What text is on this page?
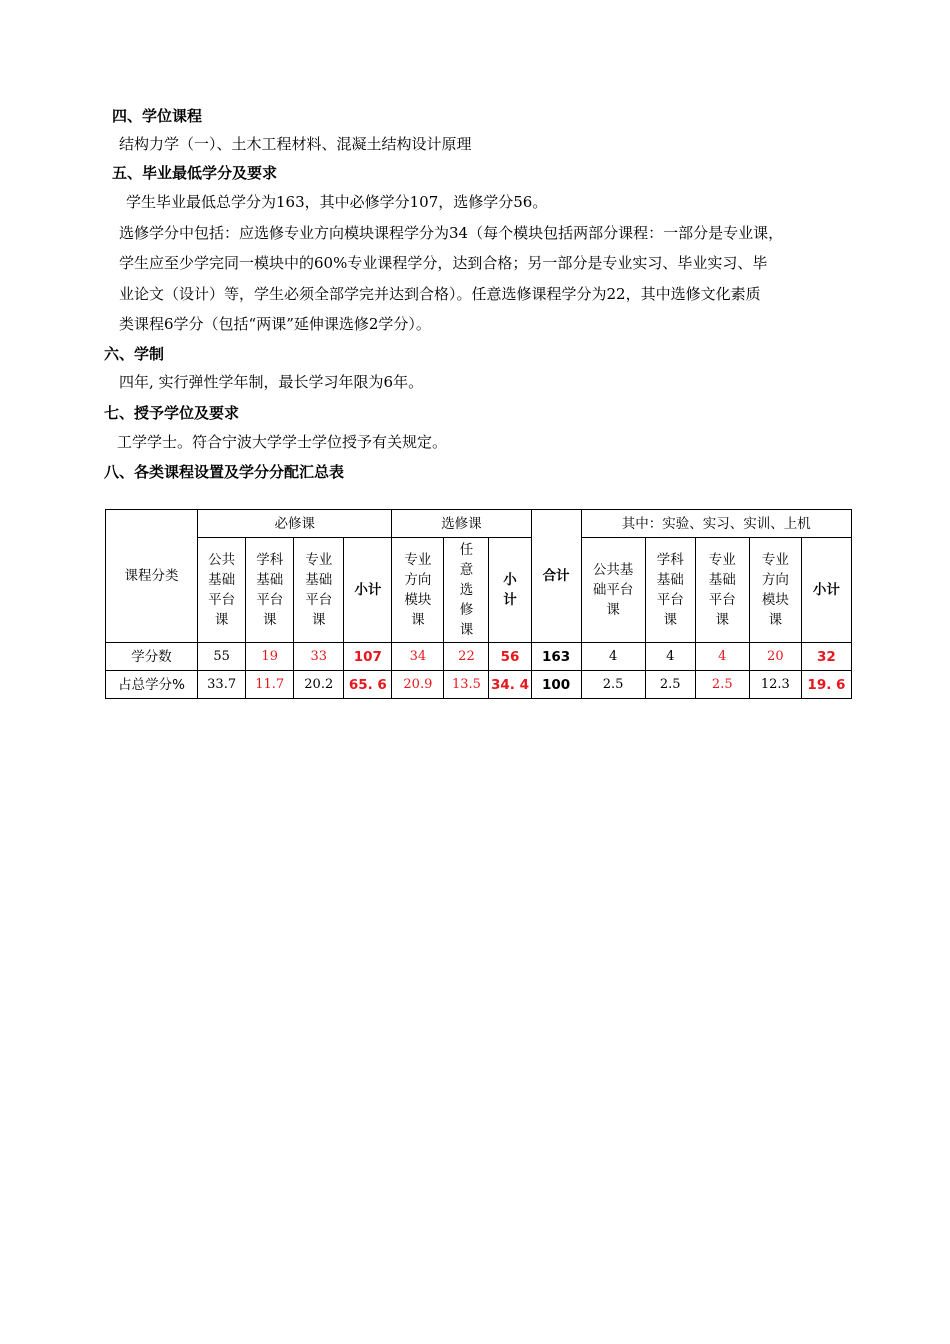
四、学位课程
结构力学（一）、土木工程材料、混凝土结构设计原理
五、毕业最低学分及要求
学生毕业最低总学分为163，其中必修学分107，选修学分56。
选修学分中包括：应选修专业方向模块课程学分为34（每个模块包括两部分课程：一部分是专业课，
学生应至少学完同一模块中的60%专业课程学分，达到合格；另一部分是专业实习、毕业实习、毕
业论文（设计）等，学生必须全部学完并达到合格）。任意选修课程学分为22，其中选修文化素质
类课程6学分（包括“两课”延伸课选修2学分）。
六、学制
四年, 实行弹性学年制，最长学习年限为6年。
七、授予学位及要求
工学学士。符合宁波大学学士学位授予有关规定。
八、各类课程设置及学分分配汇总表
课程分类	必修课				选修课			合计	其中：实验、实习、实训、上机				

	公共
基础
平台
课	学科
基础
平台
课	专业
基础
平台
课	小计	专业
方向
模块
课	任
意
选
修
课	小
计		公共基
础平台
课	学科
基础
平台
课	专业
基础
平台
课	专业
方向
模块
课	小计

学分数	55	19	33	107	34	22	56	163	4	4	4	20	32
占总学分%	33.7	11.7	20.2	65. 6	20.9	13.5	34. 4	100	2.5	2.5	2.5	12.3	19. 6
